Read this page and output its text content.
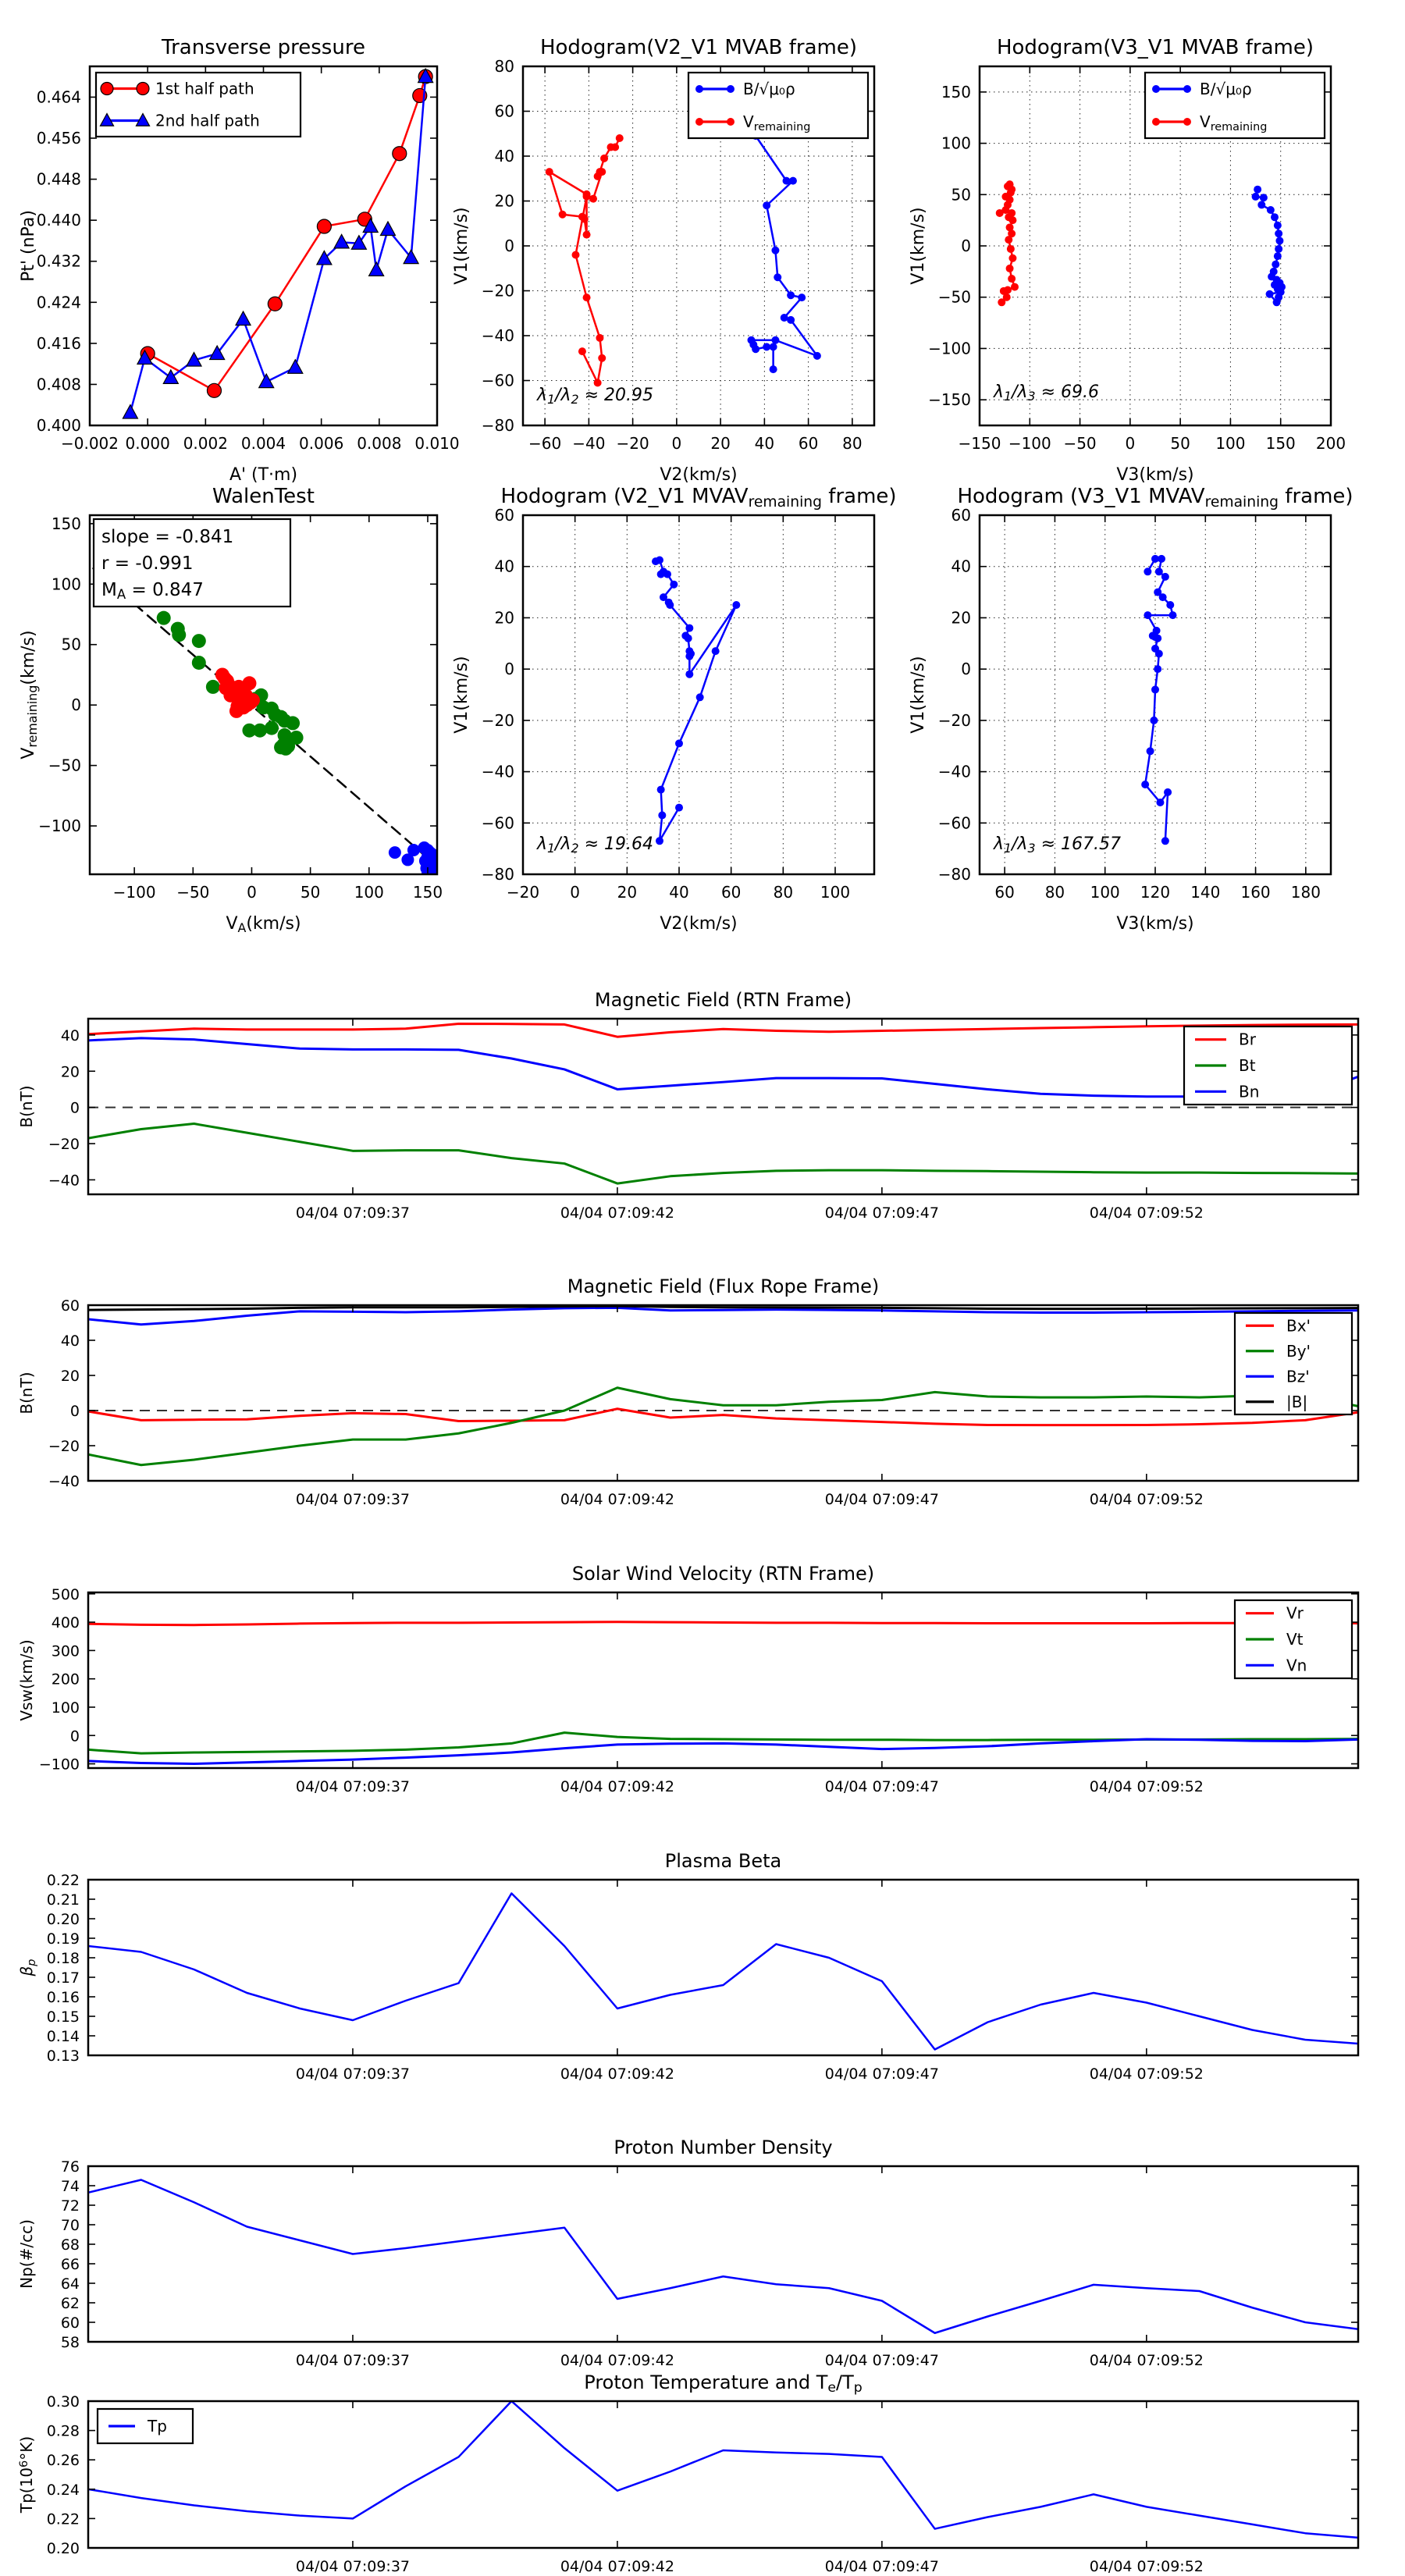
−0.002 0.000 0.002 0.004 0.006 0.008 0.010
0.400
0.408
0.416
0.424
0.432
0.440
0.448
0.456
0.464
Transverse pressure
A' (T·m)
Pt' (nPa)
1st half path
2nd half path
−60 −40 −20 0 20 40 60 80
−80
−60
−40
−20
0
20
40
60
80
Hodogram(V2_V1 MVAB frame)
V2(km/s)
V1(km/s)
λ1/λ2 ≈ 20.95
B/√μ₀ρ
Vremaining
−150 −100 −50 0 50 100 150 200
−150
−100
−50
0
50
100
150
Hodogram(V3_V1 MVAB frame)
V3(km/s)
V1(km/s)
λ1/λ3 ≈ 69.6
B/√μ₀ρ
Vremaining
−100 −50 0	50 100 150
−100
−50
0
50
100
150
WalenTest
VA(km/s)
Vremaining(km/s)
slope = -0.841
r = -0.991
MA = 0.847
−20 0 20 40 60 80 100
−80
−60
−40
−20
0
20
40
60
Hodogram (V2_V1 MVAVremaining frame)
V2(km/s)
V1(km/s)
λ1/λ2 ≈ 19.64
60 80 100 120 140 160 180
−80
−60
−40
−20
0
20
40
60
Hodogram (V3_V1 MVAVremaining frame)
V3(km/s)
V1(km/s)
λ1/λ3 ≈ 167.57
04/04 07:09:37	04/04 07:09:42	04/04 07:09:47	04/04 07:09:52
−40
−20
0
20
40
Magnetic Field (RTN Frame)
B(nT)
Br
Bt
Bn
04/04 07:09:37	04/04 07:09:42	04/04 07:09:47	04/04 07:09:52
−40
−20
0
20
40
60
Magnetic Field (Flux Rope Frame)
B(nT)
Bx'
By'
Bz'
|B|
04/04 07:09:37	04/04 07:09:42	04/04 07:09:47	04/04 07:09:52
−100
0
100
200
300
400
500
Solar Wind Velocity (RTN Frame)
Vsw(km/s)
Vr
Vt
Vn
04/04 07:09:37	04/04 07:09:42	04/04 07:09:47	04/04 07:09:52
0.13
0.14
0.15
0.16
0.17
0.18
0.19
0.20
0.21
0.22
Plasma Beta
βp
04/04 07:09:37	04/04 07:09:42	04/04 07:09:47	04/04 07:09:52
58
60
62
64
66
68
70
72
74
76
Proton Number Density
Np(#/cc)
04/04 07:09:37	04/04 07:09:42	04/04 07:09:47	04/04 07:09:52
0.20
0.22
0.24
0.26
0.28
0.30
Proton Temperature and Te/Tp
Tp(106°K)
Tp
